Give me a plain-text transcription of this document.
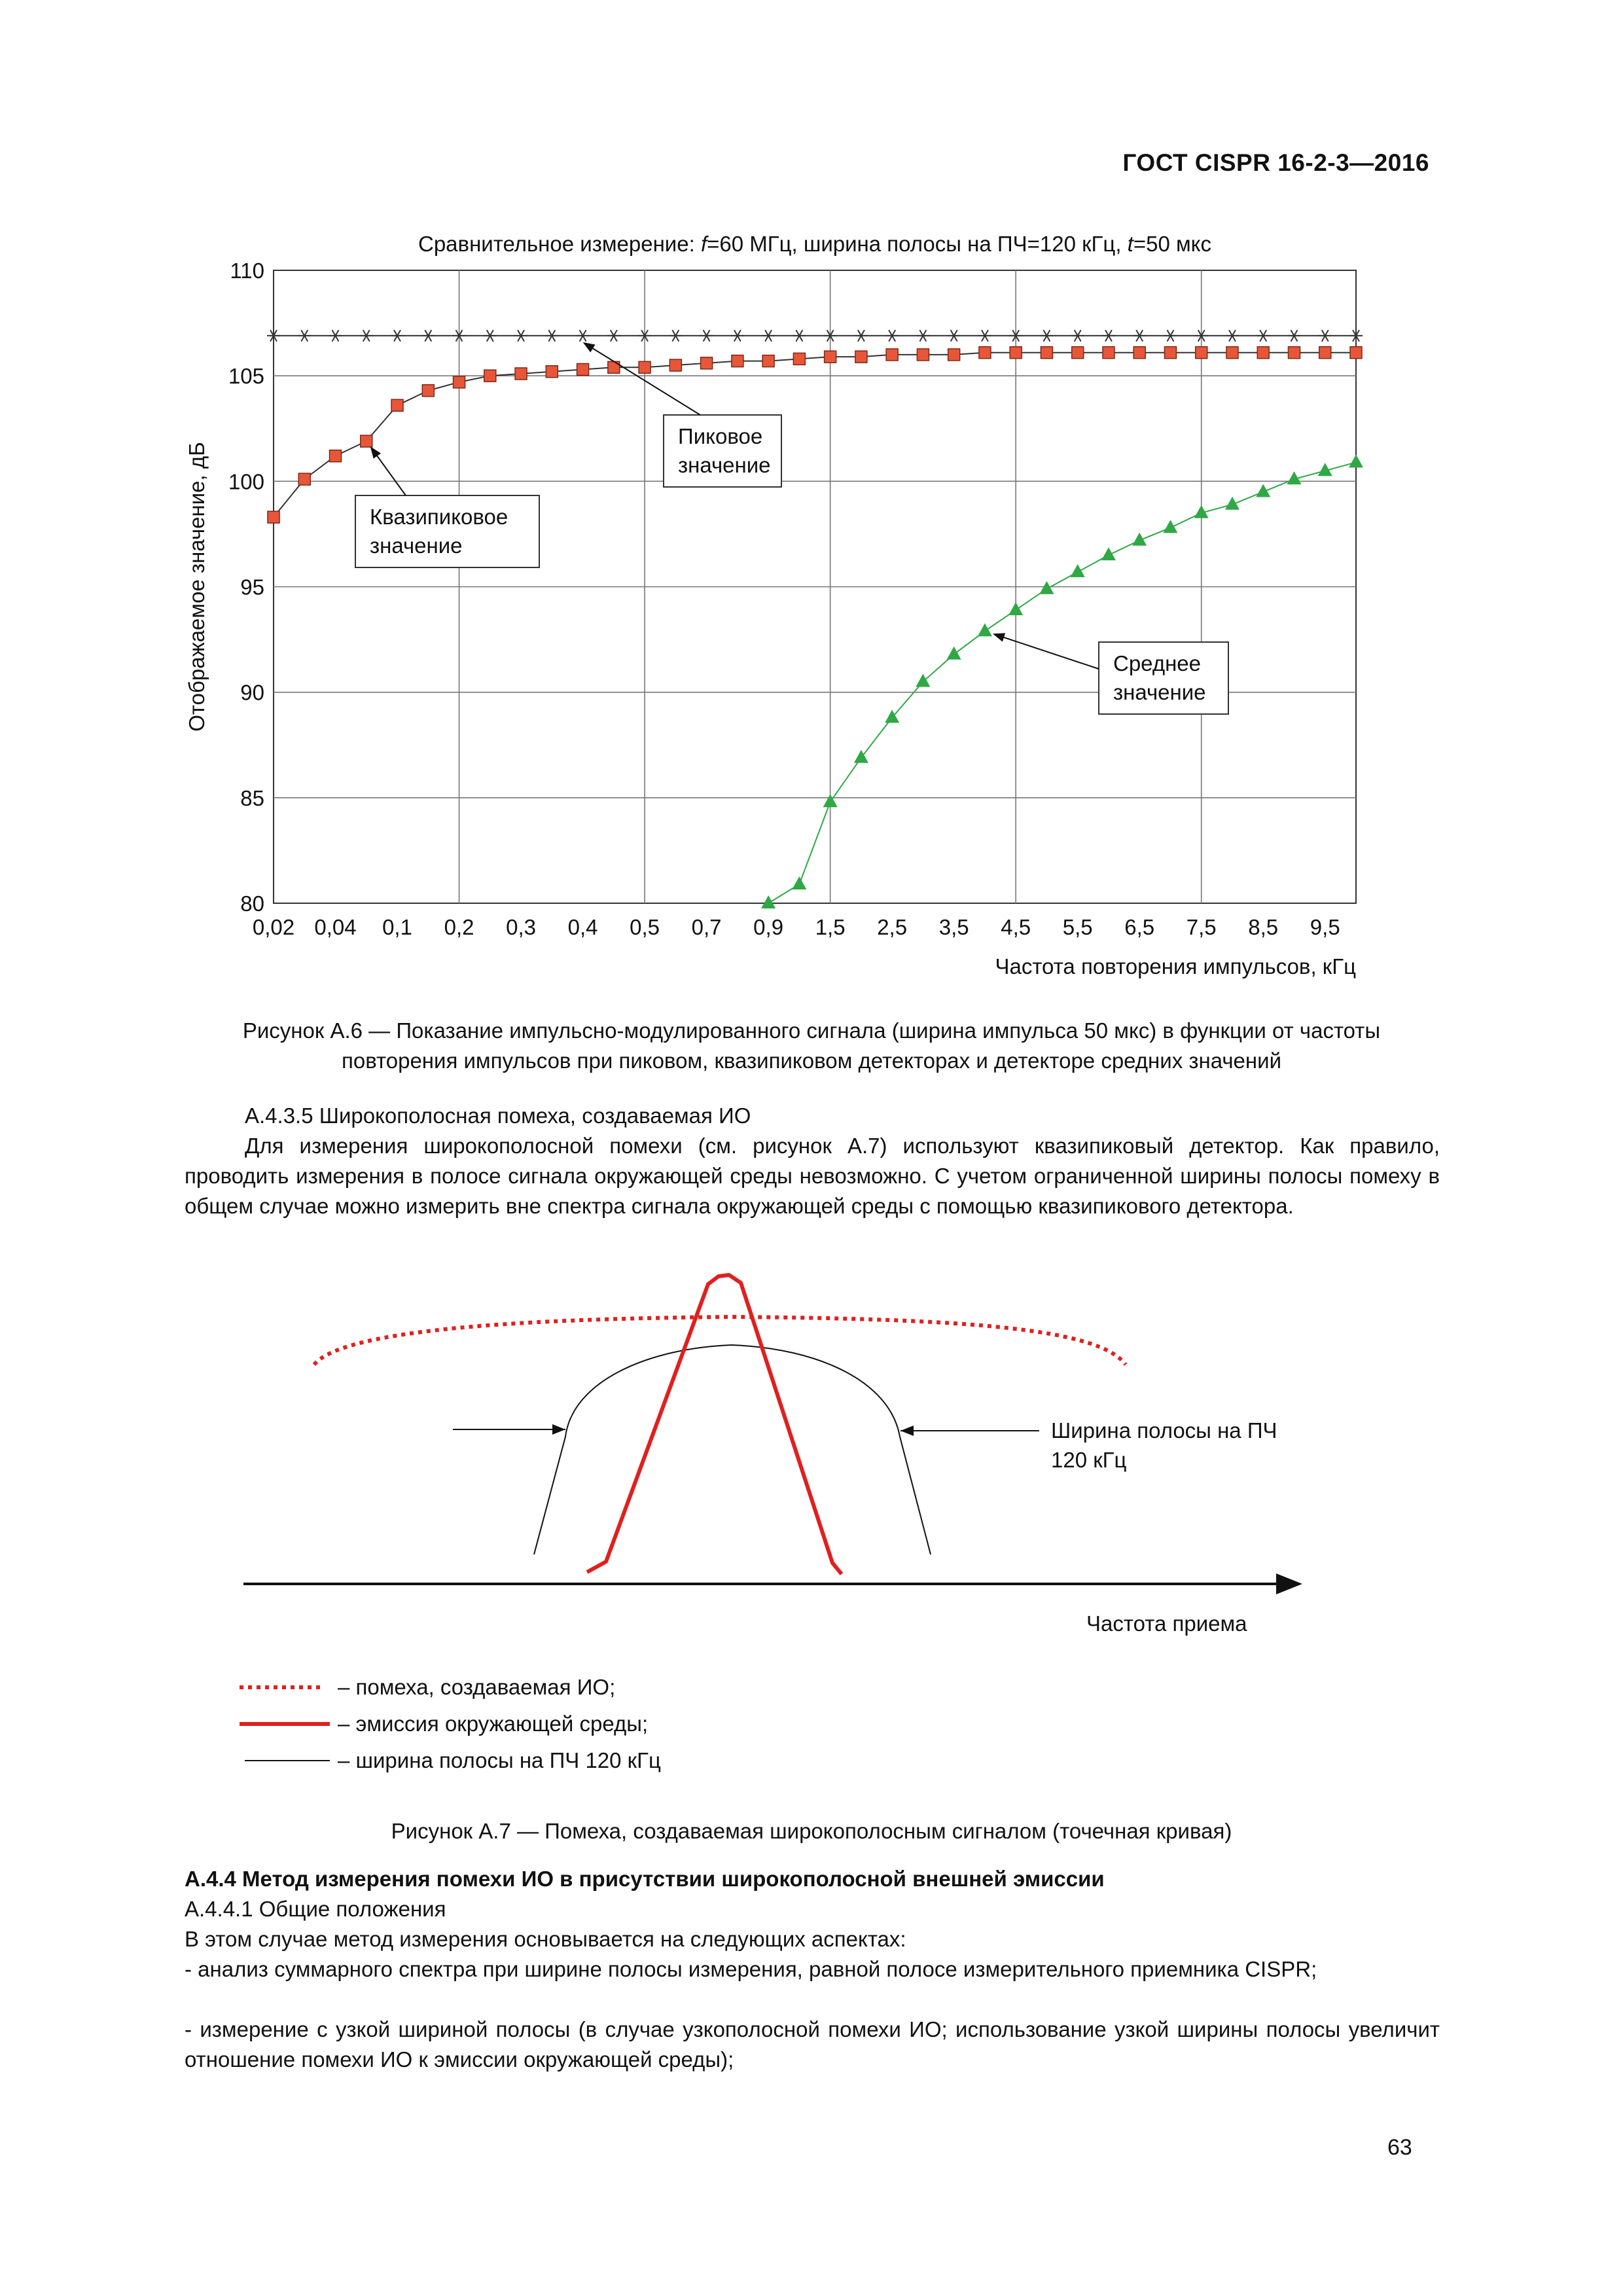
ГОСТ CISPR 16-2-3—2016
80
85
90
95
100
105
110
0,02 0,04 0,1 0,2 0,3 0,4 0,5 0,7 0,9 1,5 2,5 3,5 4,5 5,5 6,5 7,5 8,5 9,5
Сравнительное измерение: f=60 МГц, ширина полосы на ПЧ=120 кГц, t=50 мкс
Частота повторения импульсов, кГц
Отображаемое значение, дБ
Пиковое
значение
Квазипиковое
значение
Среднее
значение
Рисунок А.6 — Показание импульсно-модулированного сигнала (ширина импульса 50 мкс) в функции от частоты
повторения импульсов при пиковом, квазипиковом детекторах и детекторе средних значений
А.4.3.5 Широкополосная помеха, создаваемая ИО
Для измерения широкополосной помехи (см. рисунок А.7) используют квазипиковый детектор. Как правило, проводить измерения в полосе сигнала окружающей среды невозможно. С учетом ограниченной ширины полосы помеху в общем случае можно измерить вне спектра сигнала окружающей среды с помощью квазипикового детектора.
Ширина полосы на ПЧ
120 кГц
Частота приема
– помеха, создаваемая ИО;
– эмиссия окружающей среды;
– ширина полосы на ПЧ 120 кГц
Рисунок А.7 — Помеха, создаваемая широкополосным сигналом (точечная кривая)
А.4.4 Метод измерения помехи ИО в присутствии широкополосной внешней эмиссии
А.4.4.1 Общие положения
В этом случае метод измерения основывается на следующих аспектах:
- анализ суммарного спектра при ширине полосы измерения, равной полосе измерительного приемника CISPR;
- измерение с узкой шириной полосы (в случае узкополосной помехи ИО; использование узкой ширины полосы увеличит отношение помехи ИО к эмиссии окружающей среды);
63
